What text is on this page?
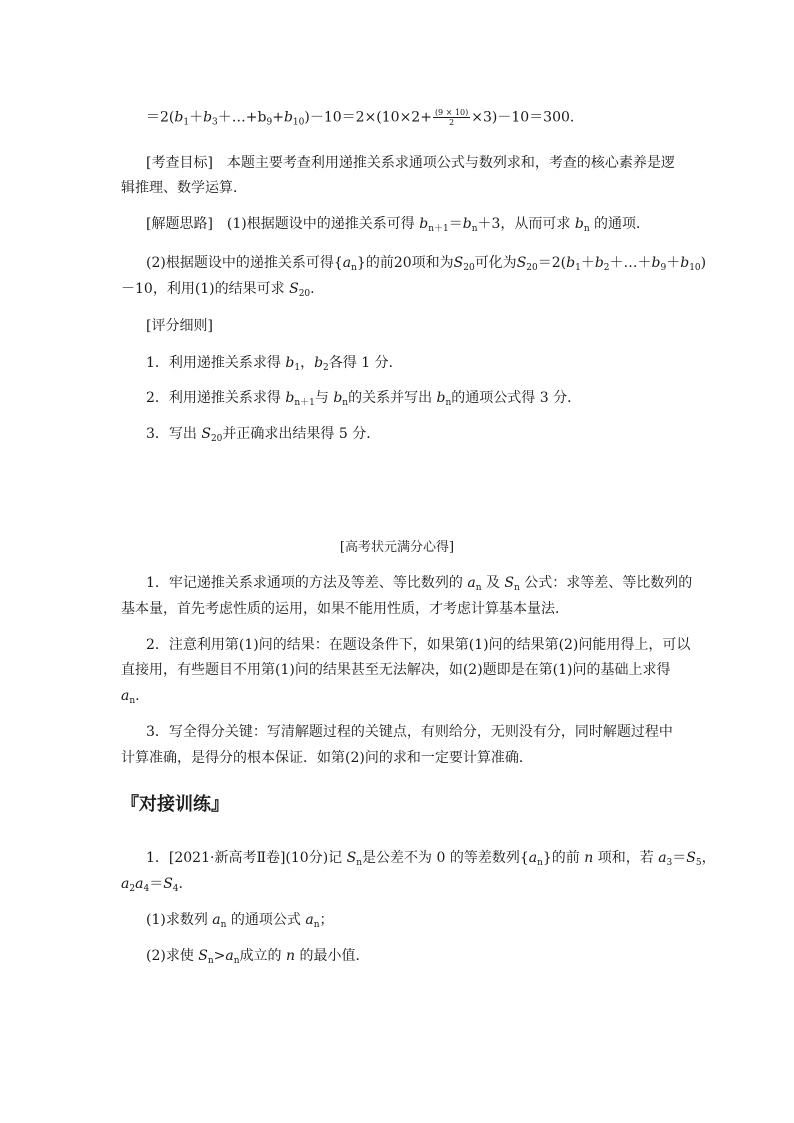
$=2(b_1+b_3+\dots+b_9+b_{10})-10=2\times(10\times 2+ \frac{(9 \times 10)}{2} \times 3)-10=300$.
[考查目标]　本题主要考查利用递推关系求通项公式与数列求和，考查的核心素养是逻
辑推理、数学运算．
[解题思路]　(1)根据题设中的递推关系可得 $b_{n+1}=b_n+3$，从而可求 $b_n$ 的通项．
(2)根据题设中的递推关系可得$\{a_n\}$的前20项和为$S_{20}$可化为$S_{20}=2(b_1+b_2+\dots+b_9+b_{10})$
－10，利用(1)的结果可求 $S_{20}$.
[评分细则]
1．利用递推关系求得 $b_1$，$b_2$各得 1 分．
2．利用递推关系求得 $b_{n+1}$与 $b_n$的关系并写出 $b_n$的通项公式得 3 分．
3．写出 $S_{20}$并正确求出结果得 5 分．
[高考状元满分心得]
1．牢记递推关系求通项的方法及等差、等比数列的 $a_n$ 及 $S_n$ 公式：求等差、等比数列的
基本量，首先考虑性质的运用，如果不能用性质，才考虑计算基本量法．
2．注意利用第(1)问的结果：在题设条件下，如果第(1)问的结果第(2)问能用得上，可以
直接用，有些题目不用第(1)问的结果甚至无法解决，如(2)题即是在第(1)问的基础上求得
$a_n$.
3．写全得分关键：写清解题过程的关键点，有则给分，无则没有分，同时解题过程中
计算准确，是得分的根本保证．如第(2)问的求和一定要计算准确．
『对接训练』
1．[2021·新高考Ⅱ卷](10分)记 $S_n$是公差不为 0 的等差数列$\{a_n\}$的前 n 项和，若 $a_3=S_5$，
$a_2a_4=S_4$.
(1)求数列 $a_n$ 的通项公式 $a_n$；
(2)求使 $S_n>a_n$成立的 n 的最小值．
